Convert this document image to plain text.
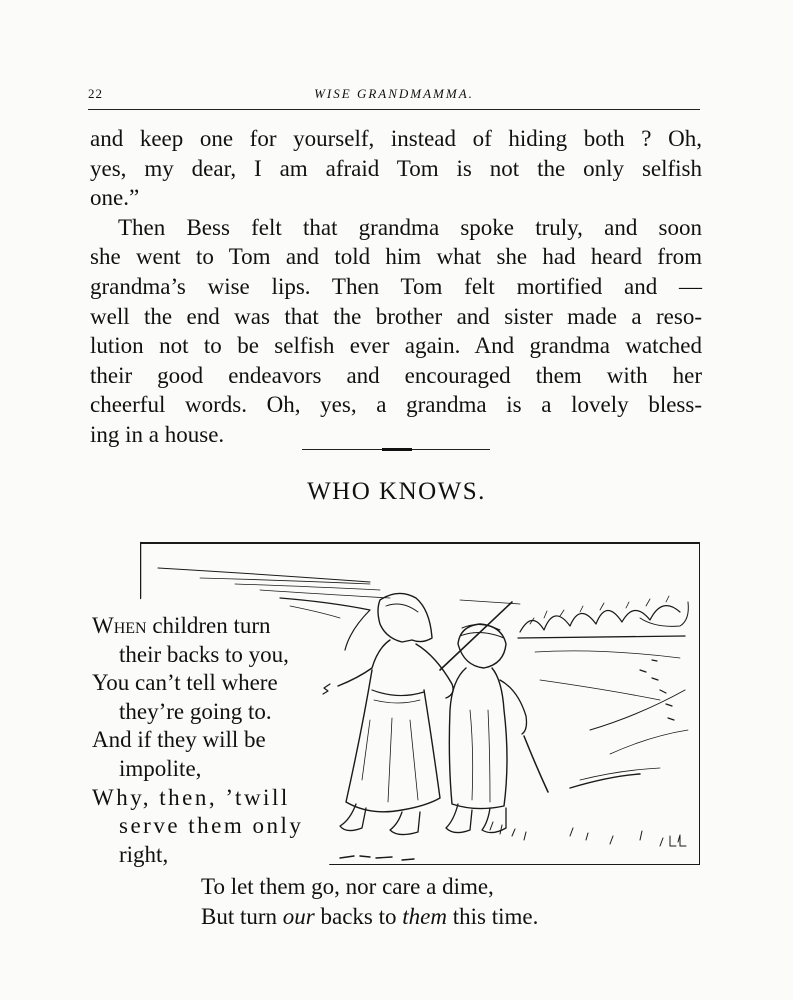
22	WISE GRANDMAMMA.
and keep one for yourself, instead of hiding both ? Oh,
yes, my dear, I am afraid Tom is not the only selfish
one.”
Then Bess felt that grandma spoke truly, and soon
she went to Tom and told him what she had heard from
grandma’s wise lips. Then Tom felt mortified and —
well the end was that the brother and sister made a reso-
lution not to be selfish ever again. And grandma watched
their good endeavors and encouraged them with her
cheerful words. Oh, yes, a grandma is a lovely bless-
ing in a house.
WHO KNOWS.
When children turn
their backs to you,
You can’t tell where
they’re going to.
And if they will be
impolite,
Why, then, ’twill
serve them only
right,
To let them go, nor care a dime,
But turn our backs to them this time.
